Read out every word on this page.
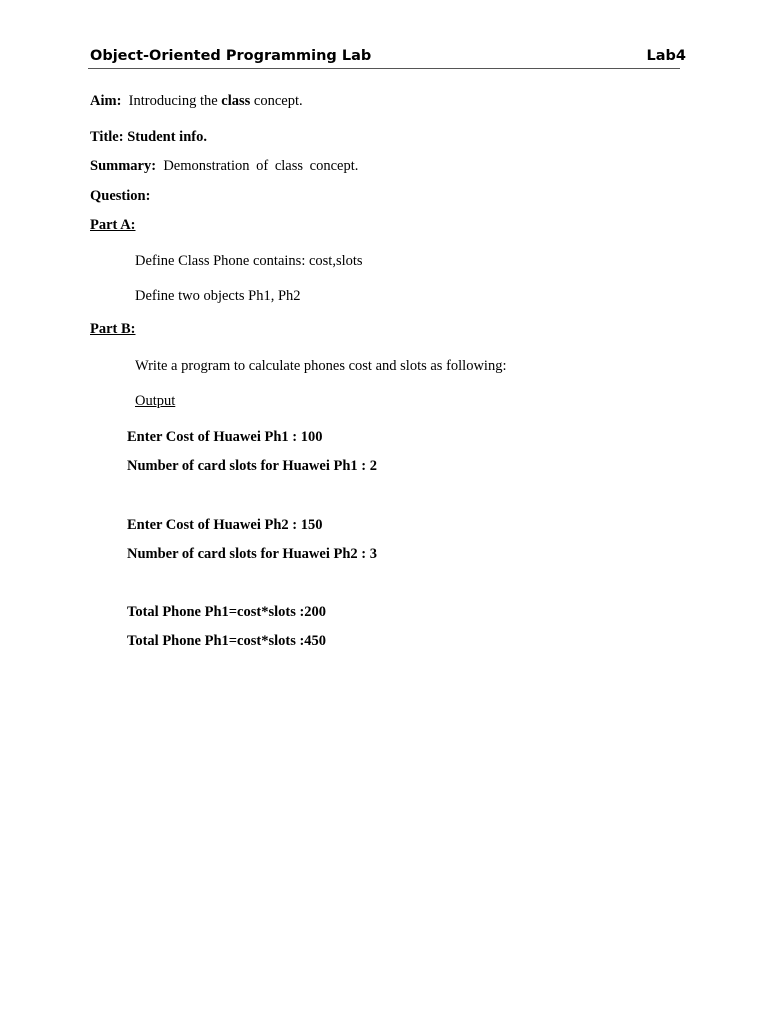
Object-Oriented Programming Lab	Lab4
Aim: Introducing the class concept.
Title: Student info.
Summary: Demonstration of class concept.
Question:
Part A:
Define Class Phone contains: cost,slots
Define two objects Ph1, Ph2
Part B:
Write a program to calculate phones cost and slots as following:
Output
Enter Cost of Huawei Ph1 : 100
Number of card slots for Huawei Ph1 : 2
Enter Cost of Huawei Ph2 : 150
Number of card slots for Huawei Ph2 : 3
Total Phone Ph1=cost*slots :200
Total Phone Ph1=cost*slots :450
